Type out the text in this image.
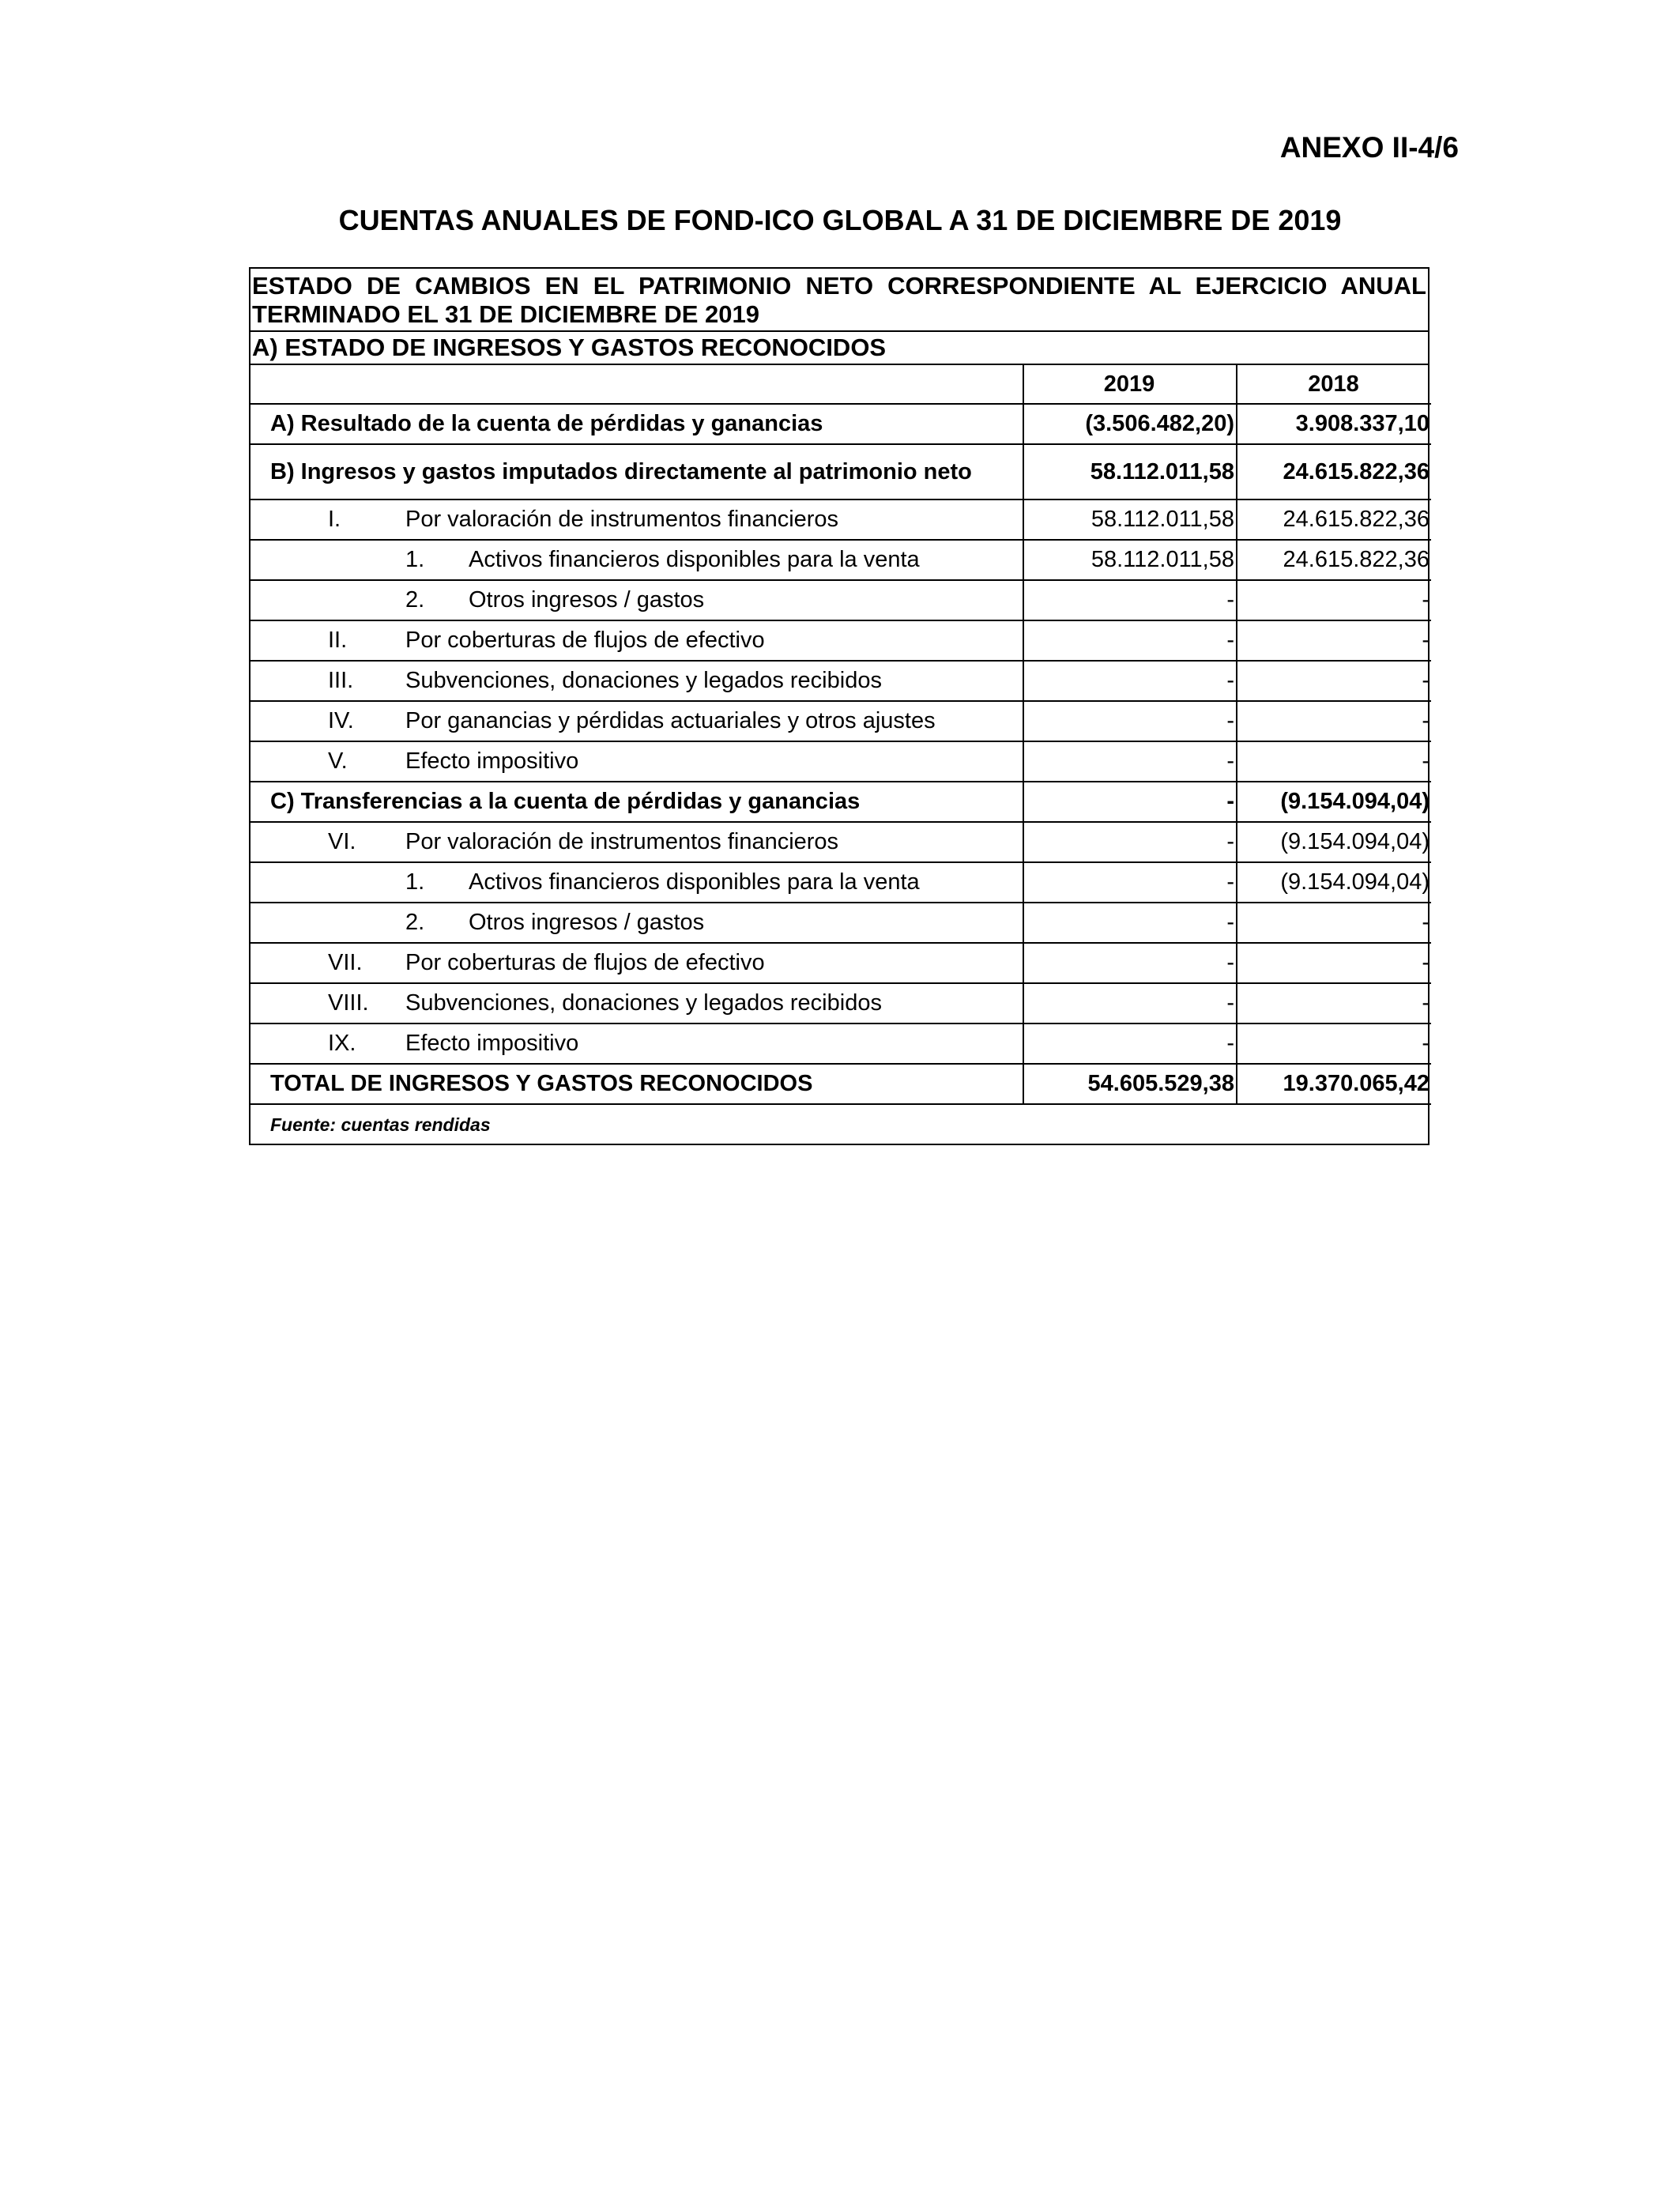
ANEXO II-4/6
CUENTAS ANUALES DE FOND-ICO GLOBAL A 31 DE DICIEMBRE DE 2019
ESTADO DE CAMBIOS EN EL PATRIMONIO NETO CORRESPONDIENTE AL EJERCICIO ANUAL TERMINADO EL 31 DE DICIEMBRE DE 2019
A) ESTADO DE INGRESOS Y GASTOS RECONOCIDOS
	2019	2018

A) Resultado de la cuenta de pérdidas y ganancias	(3.506.482,20)	3.908.337,10

B) Ingresos y gastos imputados directamente al patrimonio neto	58.112.011,58	24.615.822,36
I. Por valoración de instrumentos financieros	58.112.011,58	24.615.822,36
1. Activos financieros disponibles para la venta	58.112.011,58	24.615.822,36
2. Otros ingresos / gastos	-	-
II. Por coberturas de flujos de efectivo	-	-
III. Subvenciones, donaciones y legados recibidos	-	-
IV. Por ganancias y pérdidas actuariales y otros ajustes	-	-
V. Efecto impositivo	-	-

C) Transferencias a la cuenta de pérdidas y ganancias	-	(9.154.094,04)
VI. Por valoración de instrumentos financieros	-	(9.154.094,04)
1. Activos financieros disponibles para la venta	-	(9.154.094,04)
2. Otros ingresos / gastos	-	-
VII. Por coberturas de flujos de efectivo	-	-
VIII. Subvenciones, donaciones y legados recibidos	-	-
IX. Efecto impositivo	-	-

TOTAL DE INGRESOS Y GASTOS RECONOCIDOS	54.605.529,38	19.370.065,42
Fuente: cuentas rendidas
